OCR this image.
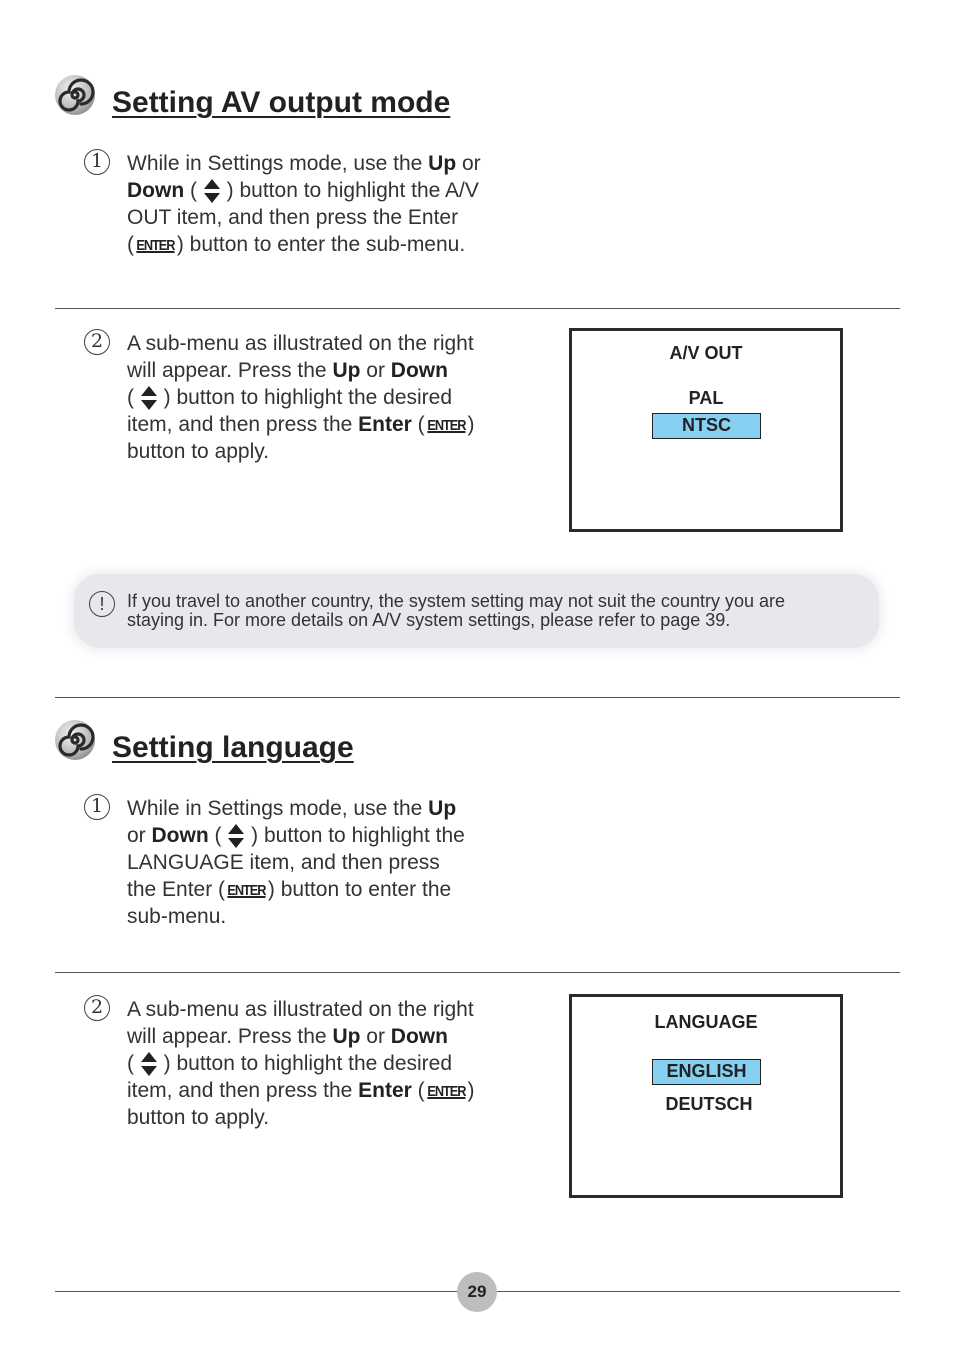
Setting AV output mode
1	While in Settings mode, use the Up or
Down (
) button to highlight the A/V
OUT item, and then press the Enter
( ENTER ) button to enter the sub-menu.
2	A sub-menu as illustrated on the right
will appear. Press the Up or Down
(
) button to highlight the desired
item, and then press the Enter ( ENTER )
button to apply.
A/V OUT
PAL
NTSC
!	If you travel to another country, the system setting may not suit the country you are
staying in. For more details on A/V system settings, please refer to page 39.
Setting language
1	While in Settings mode, use the Up
or Down (
) button to highlight the
LANGUAGE item, and then press
the Enter ( ENTER ) button to enter the
sub-menu.
2	A sub-menu as illustrated on the right
will appear. Press the Up or Down
(
) button to highlight the desired
item, and then press the Enter ( ENTER )
button to apply.
LANGUAGE
ENGLISH
DEUTSCH
29
